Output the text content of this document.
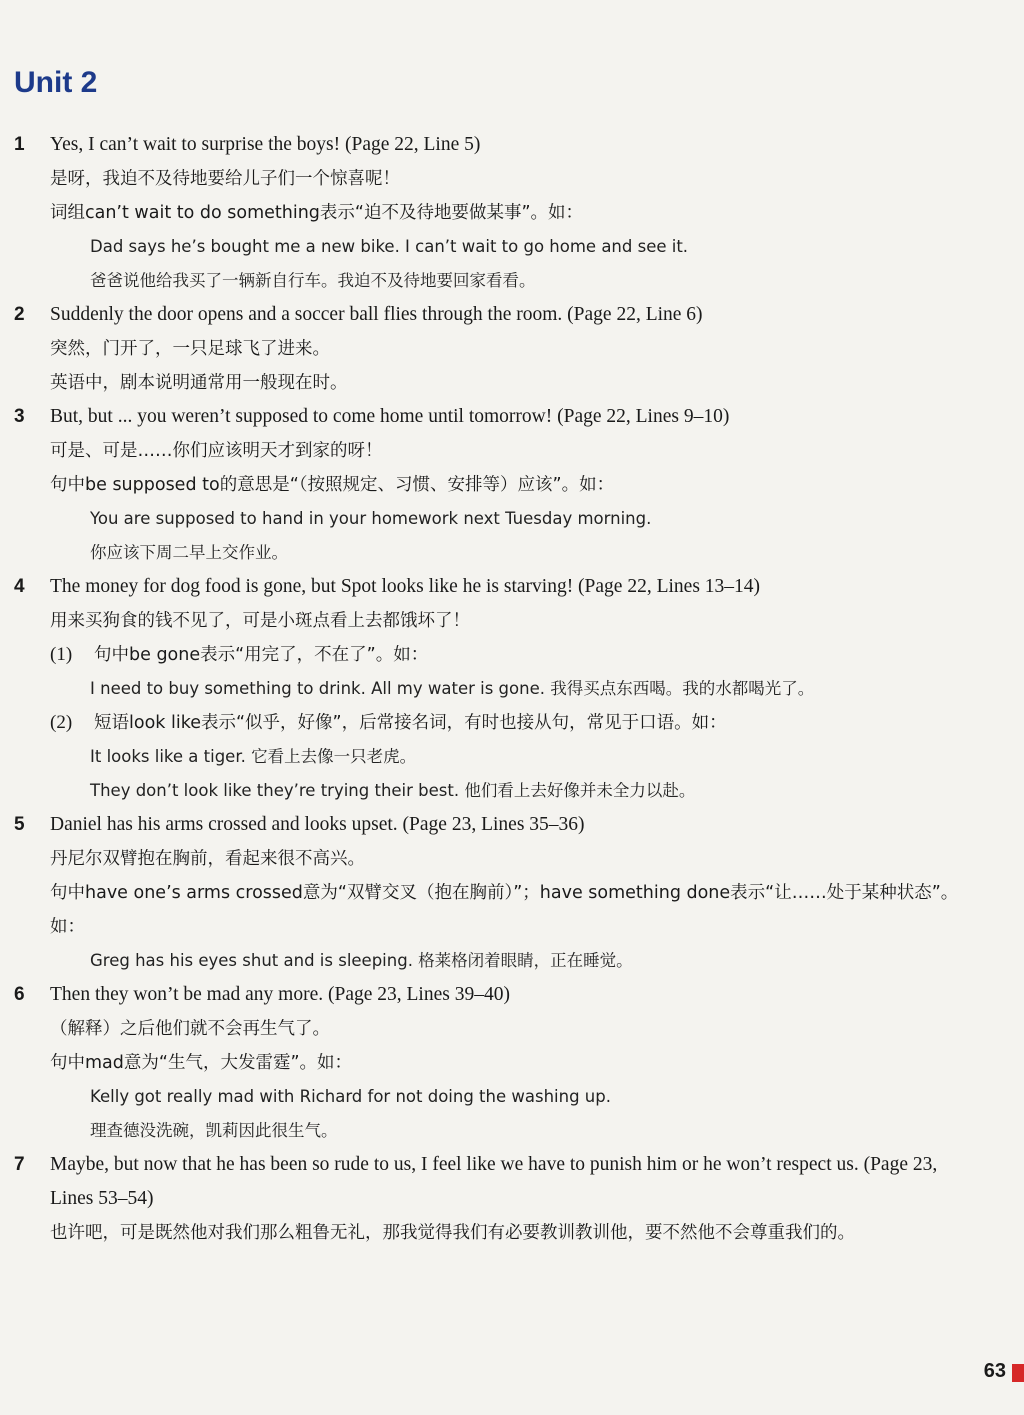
Unit 2
1 Yes, I can’t wait to surprise the boys! (Page 22, Line 5)

是呀，我迫不及待地要给儿子们一个惊喜呢！

词组can’t wait to do something表示“迫不及待地要做某事”。如：

Dad says he’s bought me a new bike. I can’t wait to go home and see it.

爸爸说他给我买了一辆新自行车。我迫不及待地要回家看看。

2 Suddenly the door opens and a soccer ball flies through the room. (Page 22, Line 6)

突然，门开了，一只足球飞了进来。

英语中，剧本说明通常用一般现在时。

3 But, but ... you weren’t supposed to come home until tomorrow! (Page 22, Lines 9–10)

可是、可是……你们应该明天才到家的呀！

句中be supposed to的意思是“（按照规定、习惯、安排等）应该”。如：

You are supposed to hand in your homework next Tuesday morning.

你应该下周二早上交作业。

4 The money for dog food is gone, but Spot looks like he is starving! (Page 22, Lines 13–14)

用来买狗食的钱不见了，可是小斑点看上去都饿坏了！

(1) 句中be gone表示“用完了，不在了”。如：

I need to buy something to drink. All my water is gone. 我得买点东西喝。我的水都喝光了。

(2) 短语look like表示“似乎，好像”，后常接名词，有时也接从句，常见于口语。如：

It looks like a tiger. 它看上去像一只老虎。

They don’t look like they’re trying their best. 他们看上去好像并未全力以赴。

5 Daniel has his arms crossed and looks upset. (Page 23, Lines 35–36)

丹尼尔双臂抱在胸前，看起来很不高兴。

句中have one’s arms crossed意为“双臂交叉（抱在胸前）”；have something done表示“让……处于某种状态”。如：

Greg has his eyes shut and is sleeping. 格莱格闭着眼睛，正在睡觉。

6 Then they won’t be mad any more. (Page 23, Lines 39–40)

（解释）之后他们就不会再生气了。

句中mad意为“生气，大发雷霆”。如：

Kelly got really mad with Richard for not doing the washing up.

理查德没洗碗，凯莉因此很生气。

7 Maybe, but now that he has been so rude to us, I feel like we have to punish him or he won’t respect us. (Page 23, Lines 53–54)

也许吧，可是既然他对我们那么粗鲁无礼，那我觉得我们有必要教训教训他，要不然他不会尊重我们的。

63
